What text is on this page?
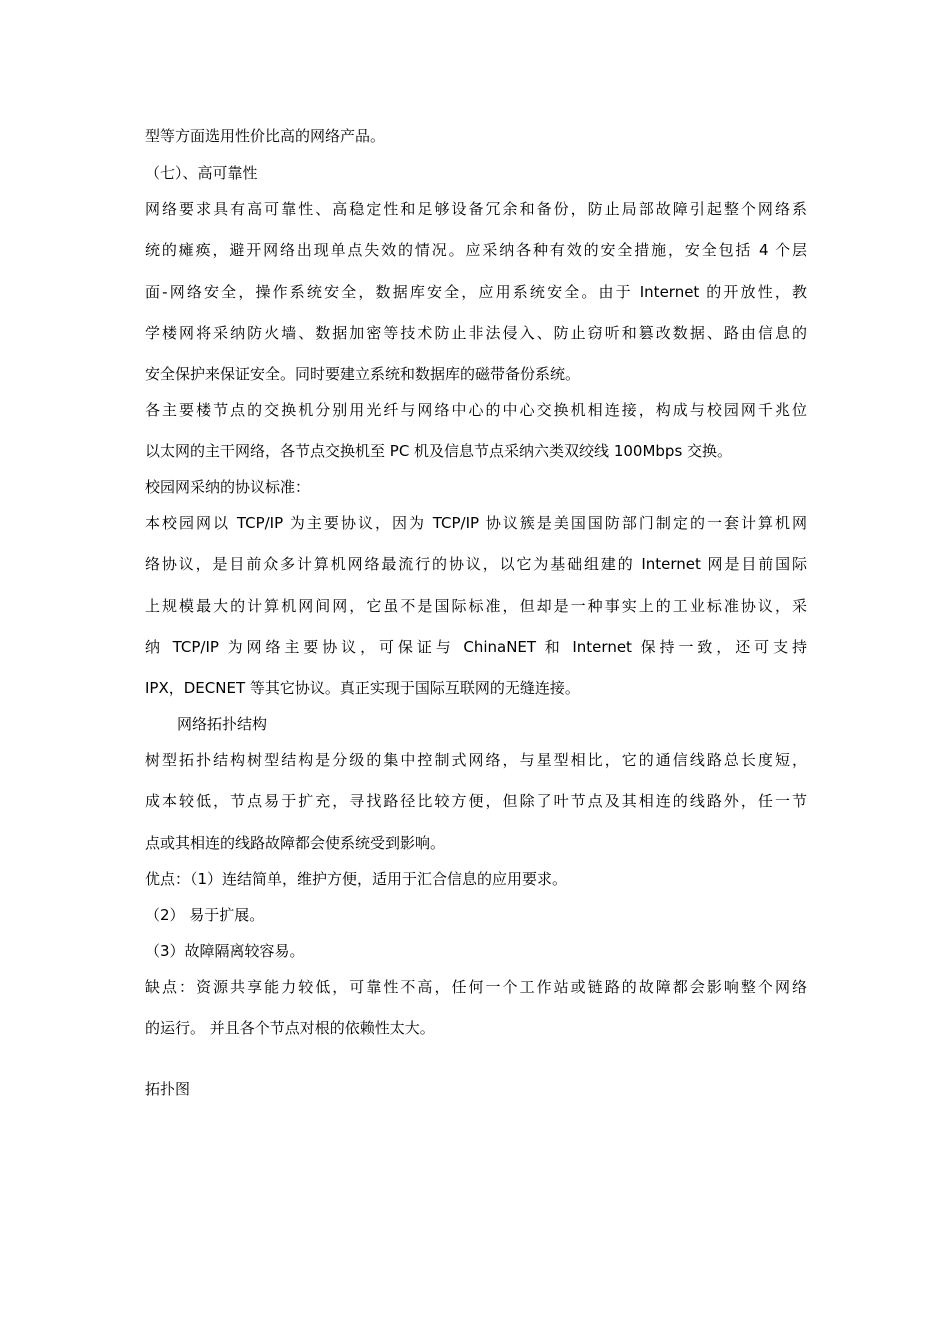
型等方面选用性价比高的网络产品。
（七）、高可靠性
网络要求具有高可靠性、高稳定性和足够设备冗余和备份，防止局部故障引起整个网络系
统的瘫痪，避开网络出现单点失效的情况。应采纳各种有效的安全措施，安全包括 4 个层
面-网络安全，操作系统安全，数据库安全，应用系统安全。由于 Internet 的开放性，教
学楼网将采纳防火墙、数据加密等技术防止非法侵入、防止窃听和篡改数据、路由信息的
安全保护来保证安全。同时要建立系统和数据库的磁带备份系统。
各主要楼节点的交换机分别用光纤与网络中心的中心交换机相连接，构成与校园网千兆位
以太网的主干网络，各节点交换机至 PC 机及信息节点采纳六类双绞线 100Mbps 交换。
校园网采纳的协议标准：
本校园网以 TCP/IP 为主要协议，因为 TCP/IP 协议簇是美国国防部门制定的一套计算机网
络协议，是目前众多计算机网络最流行的协议，以它为基础组建的 Internet 网是目前国际
上规模最大的计算机网间网，它虽不是国际标准，但却是一种事实上的工业标准协议，采
纳 TCP/IP 为网络主要协议，可保证与 ChinaNET 和 Internet 保持一致，还可支持
IPX，DECNET 等其它协议。真正实现于国际互联网的无缝连接。
网络拓扑结构
树型拓扑结构树型结构是分级的集中控制式网络，与星型相比，它的通信线路总长度短，
成本较低，节点易于扩充，寻找路径比较方便，但除了叶节点及其相连的线路外，任一节
点或其相连的线路故障都会使系统受到影响。
优点：（1）连结简单，维护方便，适用于汇合信息的应用要求。
（2） 易于扩展。
（3）故障隔离较容易。
缺点：资源共享能力较低，可靠性不高，任何一个工作站或链路的故障都会影响整个网络
的运行。 并且各个节点对根的依赖性太大。
拓扑图
